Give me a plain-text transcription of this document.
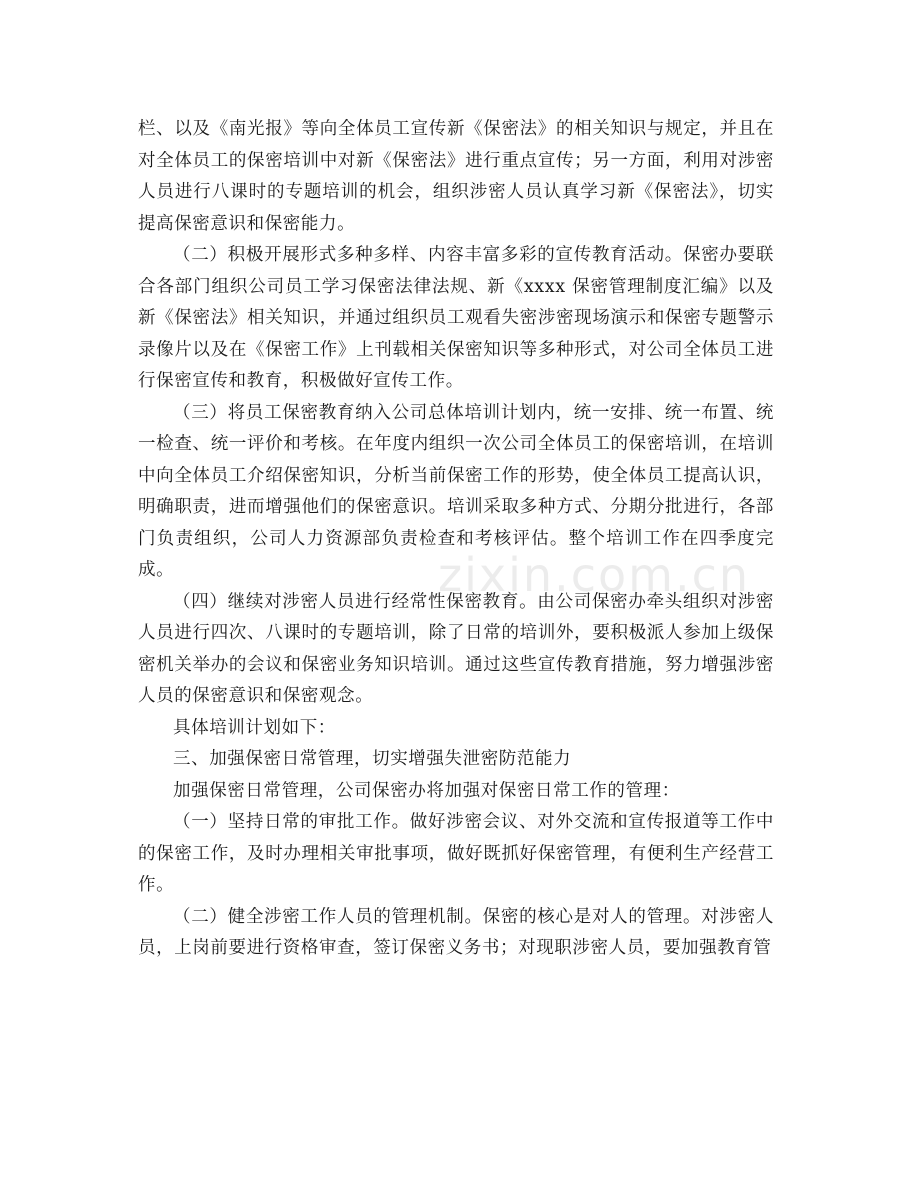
栏、以及《南光报》等向全体员工宣传新《保密法》的相关知识与规定，并且在对全体员工的保密培训中对新《保密法》进行重点宣传；另一方面，利用对涉密人员进行八课时的专题培训的机会，组织涉密人员认真学习新《保密法》，切实提高保密意识和保密能力。

（二）积极开展形式多种多样、内容丰富多彩的宣传教育活动。保密办要联合各部门组织公司员工学习保密法律法规、新《xxxx 保密管理制度汇编》以及新《保密法》相关知识，并通过组织员工观看失密涉密现场演示和保密专题警示录像片以及在《保密工作》上刊载相关保密知识等多种形式，对公司全体员工进行保密宣传和教育，积极做好宣传工作。

（三）将员工保密教育纳入公司总体培训计划内，统一安排、统一布置、统一检查、统一评价和考核。在年度内组织一次公司全体员工的保密培训，在培训中向全体员工介绍保密知识，分析当前保密工作的形势，使全体员工提高认识，明确职责，进而增强他们的保密意识。培训采取多种方式、分期分批进行，各部门负责组织，公司人力资源部负责检查和考核评估。整个培训工作在四季度完成。

（四）继续对涉密人员进行经常性保密教育。由公司保密办牵头组织对涉密人员进行四次、八课时的专题培训，除了日常的培训外，要积极派人参加上级保密机关举办的会议和保密业务知识培训。通过这些宣传教育措施，努力增强涉密人员的保密意识和保密观念。

具体培训计划如下：

三、加强保密日常管理，切实增强失泄密防范能力

加强保密日常管理，公司保密办将加强对保密日常工作的管理：

（一）坚持日常的审批工作。做好涉密会议、对外交流和宣传报道等工作中的保密工作，及时办理相关审批事项，做好既抓好保密管理，有便利生产经营工作。

（二）健全涉密工作人员的管理机制。保密的核心是对人的管理。对涉密人员，上岗前要进行资格审查，签订保密义务书；对现职涉密人员，要加强教育管

zixin.com.cn
